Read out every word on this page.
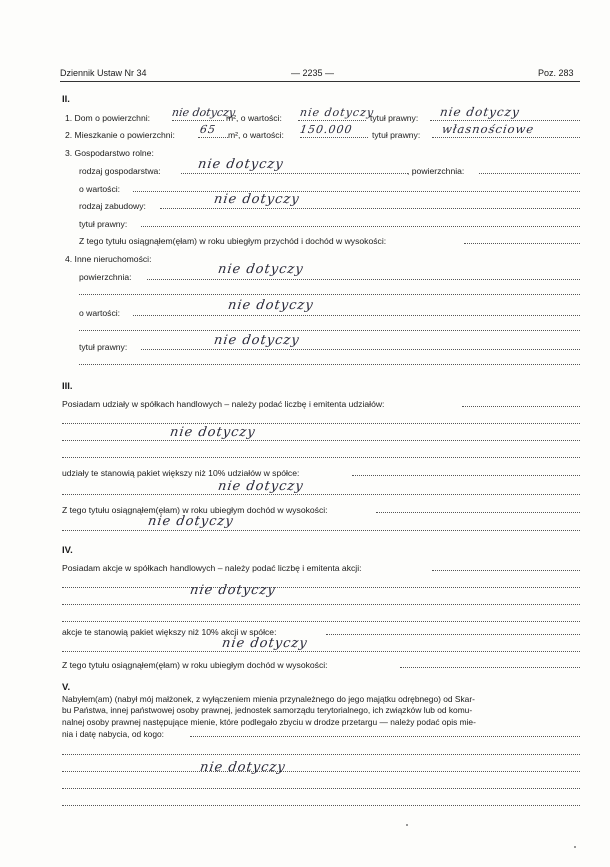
Dziennik Ustaw Nr 34	— 2235 —	Poz. 283
II.
1. Dom o powierzchni: nie dotyczy
m², o wartości: nie dotyczy
tytuł prawny: nie dotyczy
2. Mieszkanie o powierzchni: 65 m², o wartości: 150.000 tytuł prawny: własnościowe
3. Gospodarstwo rolne:
rodzaj gospodarstwa:	nie dotyczy	, powierzchnia:
o wartości:
rodzaj zabudowy:	nie dotyczy
tytuł prawny:
Z tego tytułu osiągnąłem(ęłam) w roku ubiegłym przychód i dochód w wysokości:
4. Inne nieruchomości:
powierzchnia:	nie dotyczy
o wartości:	nie dotyczy
tytuł prawny:	nie dotyczy
III.
Posiadam udziały w spółkach handlowych – należy podać liczbę i emitenta udziałów:
nie dotyczy
udziały te stanowią pakiet większy niż 10% udziałów w spółce:
nie dotyczy
Z tego tytułu osiągnąłem(ęłam) w roku ubiegłym dochód w wysokości:
nie dotyczy
IV.
Posiadam akcje w spółkach handlowych – należy podać liczbę i emitenta akcji:
nie dotyczy
akcje te stanowią pakiet większy niż 10% akcji w spółce:
nie dotyczy
Z tego tytułu osiągnąłem(ęłam) w roku ubiegłym dochód w wysokości:
V.
Nabyłem(am) (nabył mój małżonek, z wyłączeniem mienia przynależnego do jego majątku odrębnego) od Skar-
bu Państwa, innej państwowej osoby prawnej, jednostek samorządu terytorialnego, ich związków lub od komu-
nalnej osoby prawnej następujące mienie, które podlegało zbyciu w drodze przetargu — należy podać opis mie-
nia i datę nabycia, od kogo:
nie dotyczy
